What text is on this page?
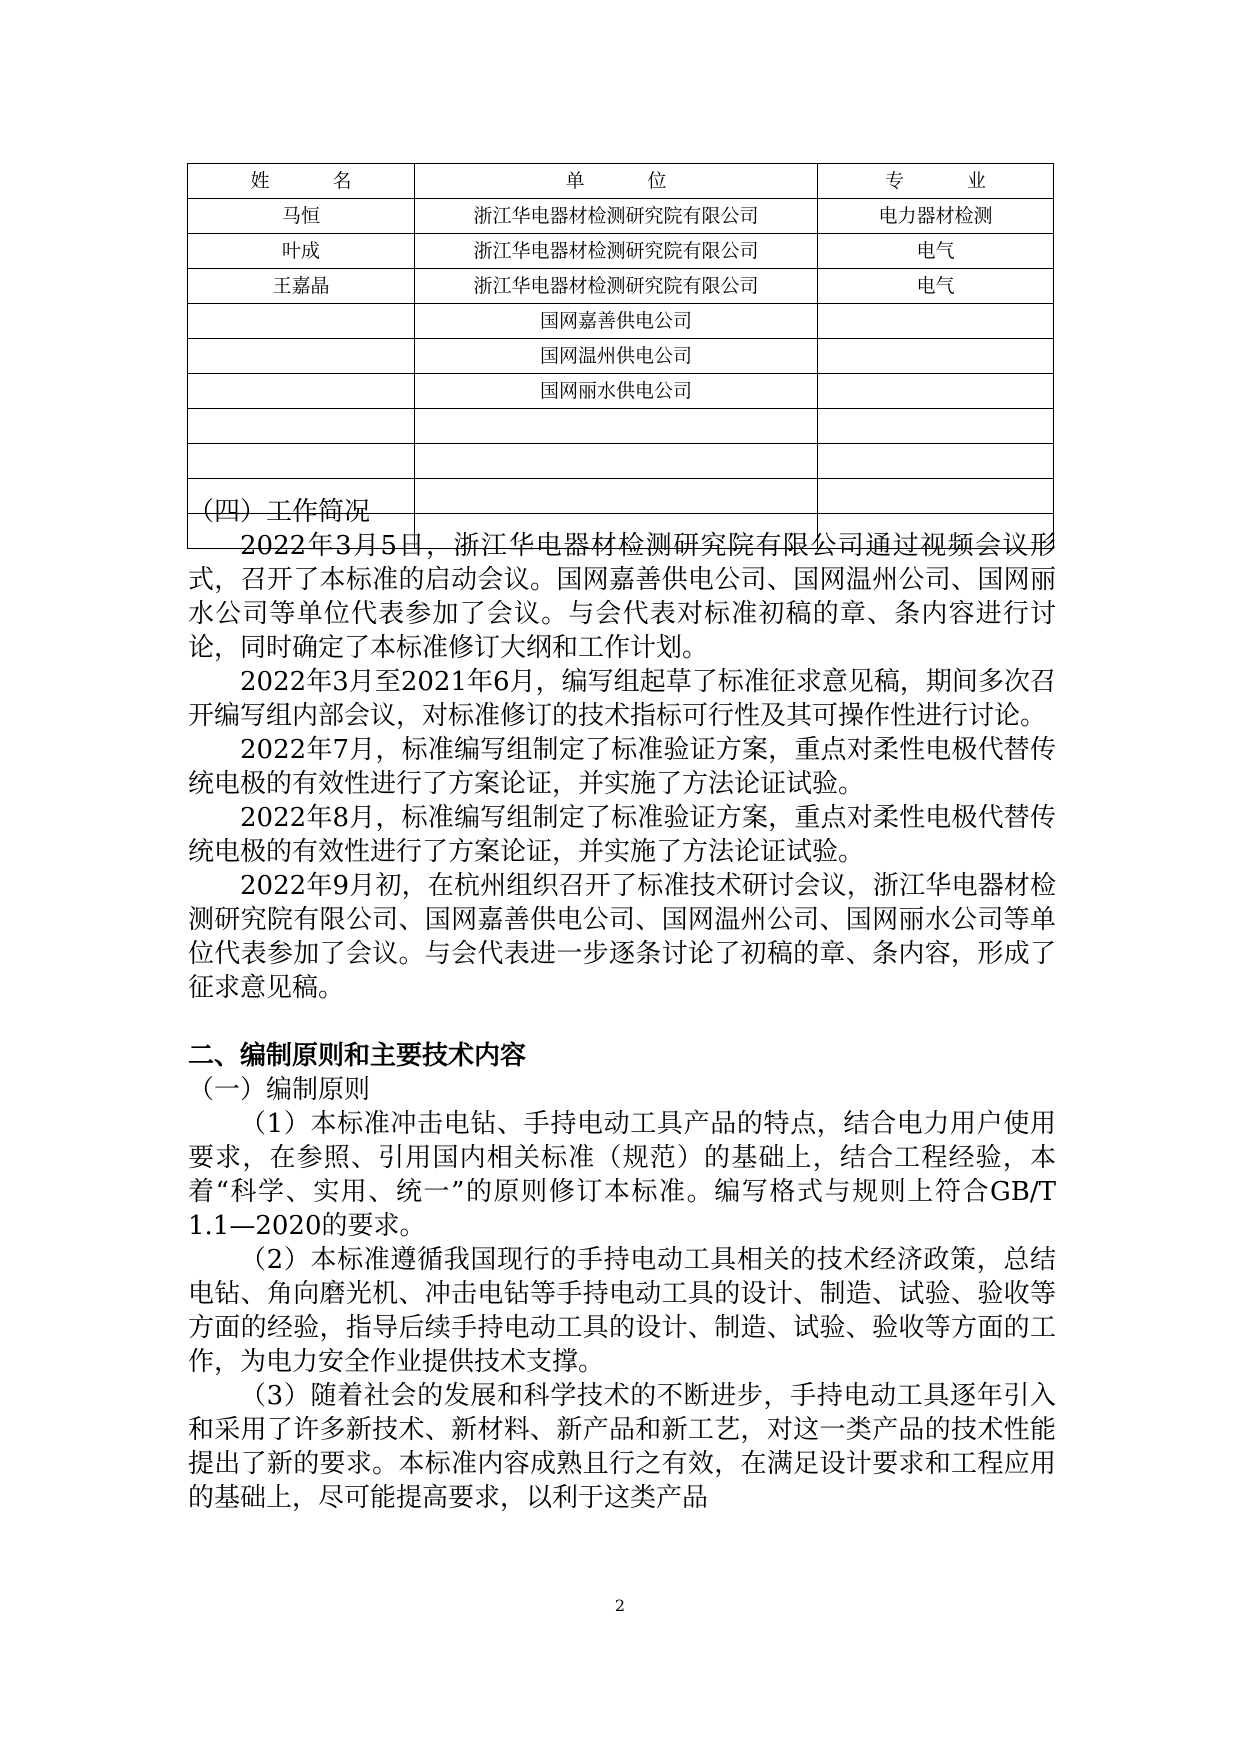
姓　名	单　位	专　业
马恒	浙江华电器材检测研究院有限公司	电力器材检测
叶成	浙江华电器材检测研究院有限公司	电气
王嘉晶	浙江华电器材检测研究院有限公司	电气
	国网嘉善供电公司	
	国网温州供电公司	
	国网丽水供电公司	

（四）工作简况

2022年3月5日，浙江华电器材检测研究院有限公司通过视频会议形式，召开了本标准的启动会议。国网嘉善供电公司、国网温州公司、国网丽水公司等单位代表参加了会议。与会代表对标准初稿的章、条内容进行讨论，同时确定了本标准修订大纲和工作计划。

2022年3月至2021年6月，编写组起草了标准征求意见稿，期间多次召开编写组内部会议，对标准修订的技术指标可行性及其可操作性进行讨论。

2022年7月，标准编写组制定了标准验证方案，重点对柔性电极代替传统电极的有效性进行了方案论证，并实施了方法论证试验。

2022年8月，标准编写组制定了标准验证方案，重点对柔性电极代替传统电极的有效性进行了方案论证，并实施了方法论证试验。

2022年9月初，在杭州组织召开了标准技术研讨会议，浙江华电器材检测研究院有限公司、国网嘉善供电公司、国网温州公司、国网丽水公司等单位代表参加了会议。与会代表进一步逐条讨论了初稿的章、条内容，形成了征求意见稿。

二、编制原则和主要技术内容

（一）编制原则

（1）本标准冲击电钻、手持电动工具产品的特点，结合电力用户使用要求，在参照、引用国内相关标准（规范）的基础上，结合工程经验，本着“科学、实用、统一”的原则修订本标准。编写格式与规则上符合GB/T 1.1—2020的要求。

（2）本标准遵循我国现行的手持电动工具相关的技术经济政策，总结电钻、角向磨光机、冲击电钻等手持电动工具的设计、制造、试验、验收等方面的经验，指导后续手持电动工具的设计、制造、试验、验收等方面的工作，为电力安全作业提供技术支撑。

（3）随着社会的发展和科学技术的不断进步，手持电动工具逐年引入和采用了许多新技术、新材料、新产品和新工艺，对这一类产品的技术性能提出了新的要求。本标准内容成熟且行之有效，在满足设计要求和工程应用的基础上，尽可能提高要求，以利于这类产品

2
